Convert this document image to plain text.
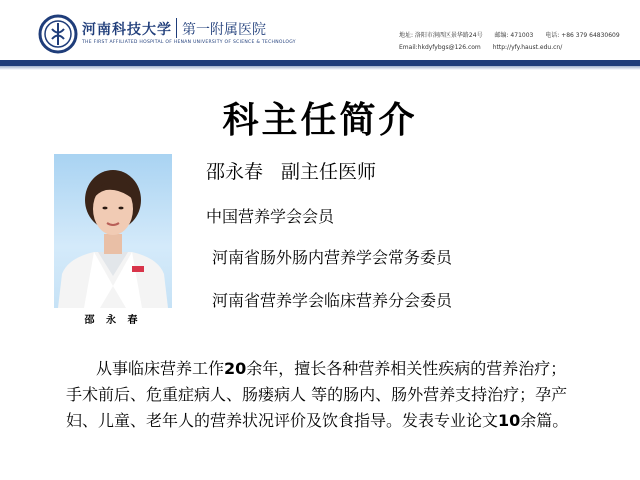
河南科技大学 第一附属医院
THE FIRST AFFILIATED HOSPITAL OF HENAN UNIVERSITY OF SCIENCE & TECHNOLOGY
地址: 洛阳市涧西区景华路24号 邮编: 471003 电话: +86 379 64830609
Email:hkdyfybgs@126.com http://yfy.haust.edu.cn/
科主任简介
邵 永 春
邵永春 副主任医师
中国营养学会会员
河南省肠外肠内营养学会常务委员
河南省营养学会临床营养分会委员
从事临床营养工作20余年，擅长各种营养相关性疾病的营养治疗；
手术前后、危重症病人、肠瘘病人 等的肠内、肠外营养支持治疗；孕产
妇、儿童、老年人的营养状况评价及饮食指导。发表专业论文10余篇。
